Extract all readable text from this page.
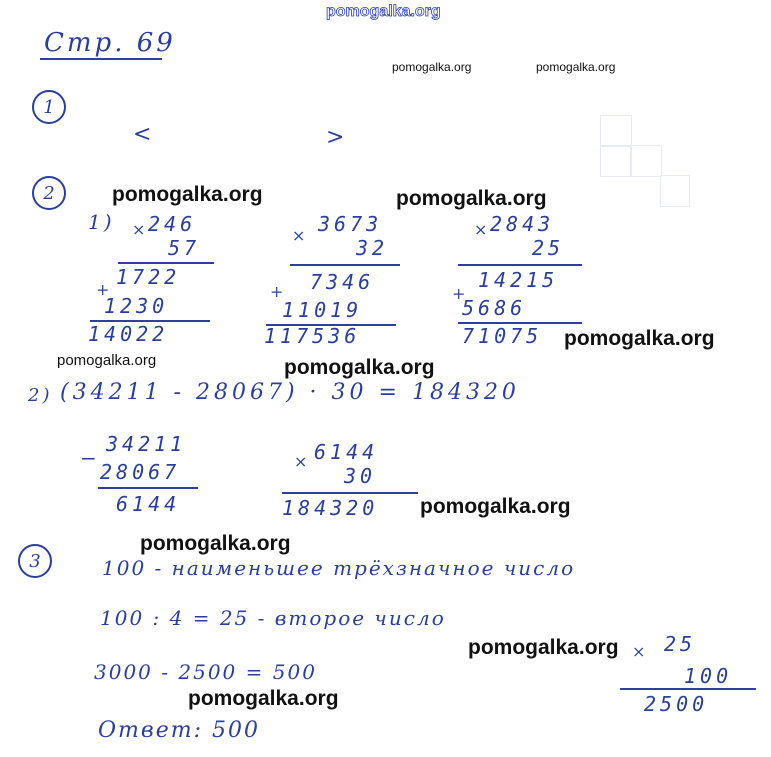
pomogalka.org
Стр. 69
pomogalka.org	pomogalka.org
1
<	>
2	pomogalka.org	pomogalka.org
1) × 246
57
1722
+
1230
14022
× 3673
32
7346
+
11019
117536
× 2843
25
14215
+
5686
71075 pomogalka.org
pomogalka.org	pomogalka.org
2) (34211 - 28067) · 30 = 184320
−
34211
28067
6144
× 6144
30
184320 pomogalka.org
3
pomogalka.org
100 - наименьшее трёхзначное число
100 : 4 = 25 - второе число
3000 - 2500 = 500
pomogalka.org
pomogalka.org
Ответ: 500
× 25
100
2500
